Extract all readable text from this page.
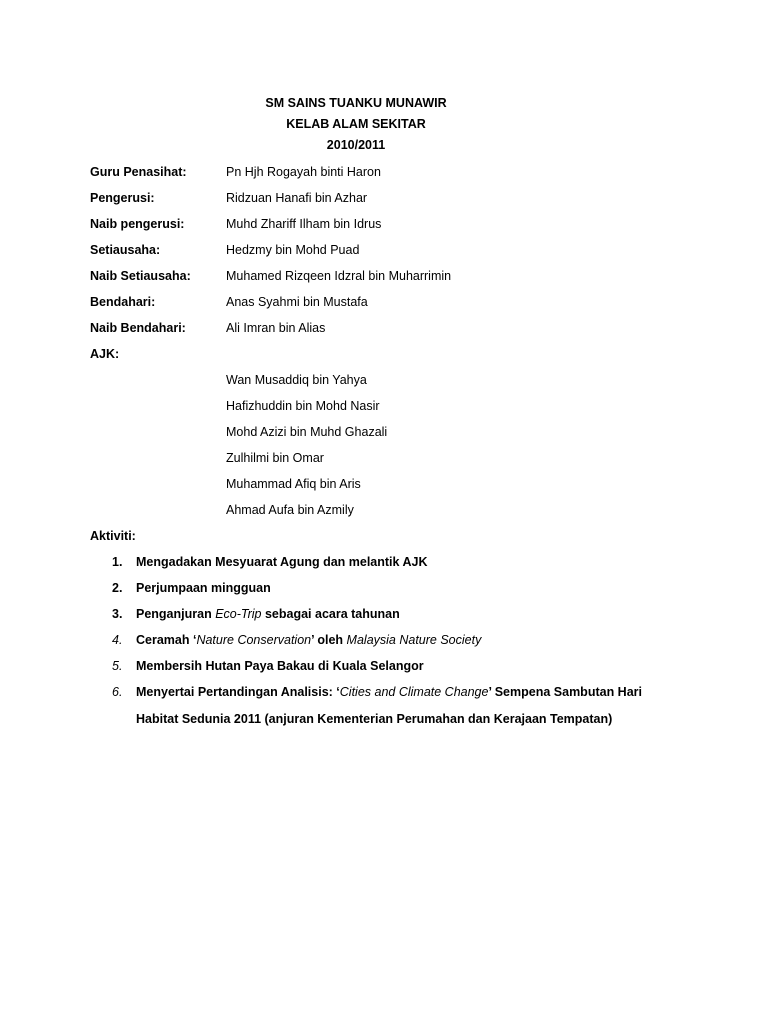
SM SAINS TUANKU MUNAWIR
KELAB ALAM SEKITAR
2010/2011
Guru Penasihat:	Pn Hjh Rogayah binti Haron
Pengerusi:	Ridzuan Hanafi bin Azhar
Naib pengerusi:	Muhd Zhariff Ilham bin Idrus
Setiausaha:	Hedzmy bin Mohd Puad
Naib Setiausaha:	Muhamed Rizqeen Idzral bin Muharrimin
Bendahari:	Anas Syahmi bin Mustafa
Naib Bendahari:	Ali Imran bin Alias
AJK:
Wan Musaddiq bin Yahya
Hafizhuddin bin Mohd Nasir
Mohd Azizi bin Muhd Ghazali
Zulhilmi bin Omar
Muhammad Afiq bin Aris
Ahmad Aufa bin Azmily
Aktiviti:
1.	Mengadakan Mesyuarat Agung dan melantik AJK
2.	Perjumpaan mingguan
3.	Penganjuran Eco-Trip sebagai acara tahunan
4.	Ceramah ‘Nature Conservation’ oleh Malaysia Nature Society
5.	Membersih Hutan Paya Bakau di Kuala Selangor
6.	Menyertai Pertandingan Analisis: ‘Cities and Climate Change’ Sempena Sambutan Hari Habitat Sedunia 2011 (anjuran Kementerian Perumahan dan Kerajaan Tempatan)
